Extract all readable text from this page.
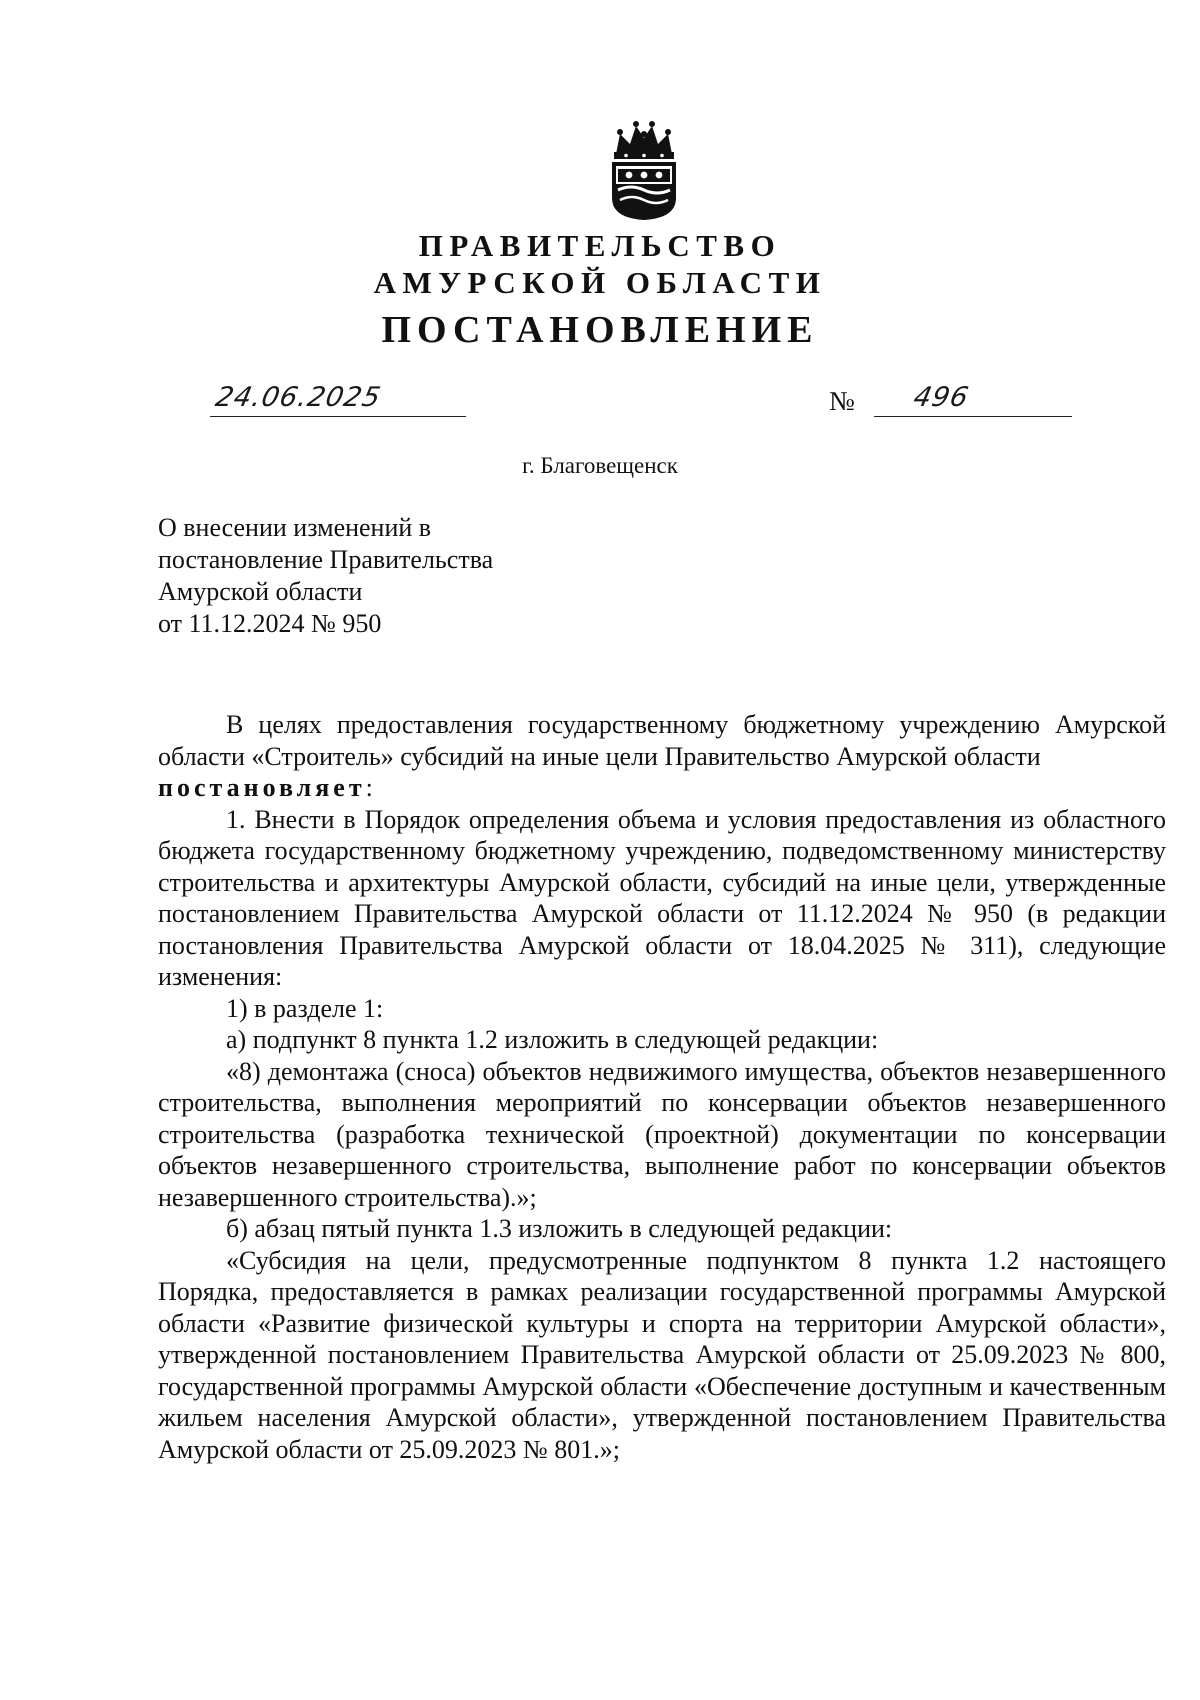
ПРАВИТЕЛЬСТВО
АМУРСКОЙ ОБЛАСТИ
ПОСТАНОВЛЕНИЕ
24.06.2025	№ 496
г. Благовещенск
О внесении изменений в
постановление Правительства
Амурской области
от 11.12.2024 № 950

В целях предоставления государственному бюджетному учреждению Амурской области «Строитель» субсидий на иные цели Правительство Амурской области

постановляет:

1. Внести в Порядок определения объема и условия предоставления из областного бюджета государственному бюджетному учреждению, подведомственному министерству строительства и архитектуры Амурской области, субсидий на иные цели, утвержденные постановлением Правительства Амурской области от 11.12.2024 № 950 (в редакции постановления Правительства Амурской области от 18.04.2025 № 311), следующие изменения:

1) в разделе 1:

а) подпункт 8 пункта 1.2 изложить в следующей редакции:

«8) демонтажа (сноса) объектов недвижимого имущества, объектов незавершенного строительства, выполнения мероприятий по консервации объектов незавершенного строительства (разработка технической (проектной) документации по консервации объектов незавершенного строительства, выполнение работ по консервации объектов незавершенного строительства).»;

б) абзац пятый пункта 1.3 изложить в следующей редакции:

«Субсидия на цели, предусмотренные подпунктом 8 пункта 1.2 настоящего Порядка, предоставляется в рамках реализации государственной программы Амурской области «Развитие физической культуры и спорта на территории Амурской области», утвержденной постановлением Правительства Амурской области от 25.09.2023 № 800, государственной программы Амурской области «Обеспечение доступным и качественным жильем населения Амурской области», утвержденной постановлением Правительства Амурской области от 25.09.2023 № 801.»;
